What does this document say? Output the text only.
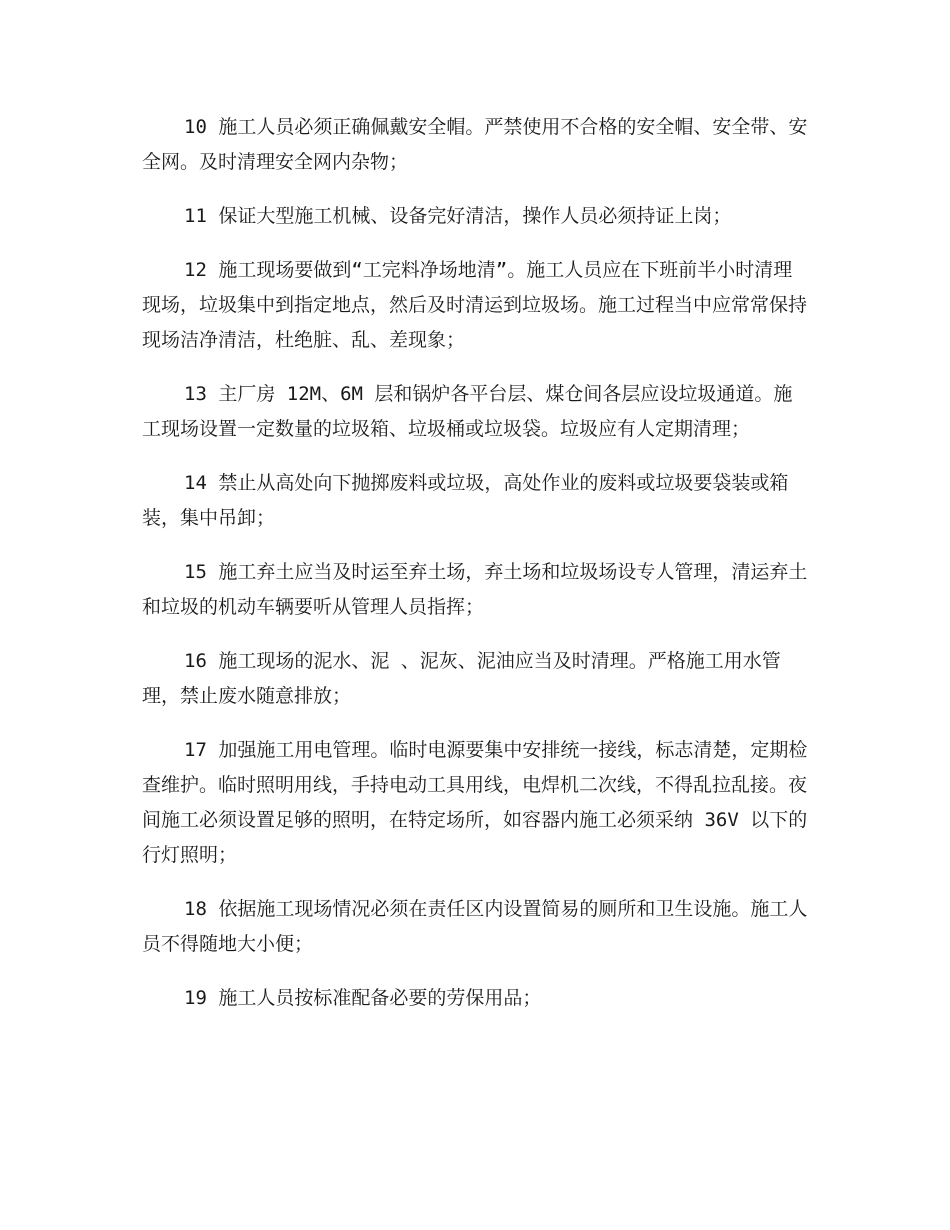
10 施工人员必须正确佩戴安全帽。严禁使用不合格的安全帽、安全带、安全网。及时清理安全网内杂物；

11 保证大型施工机械、设备完好清洁，操作人员必须持证上岗；

12 施工现场要做到“工完料净场地清”。施工人员应在下班前半小时清理现场，垃圾集中到指定地点，然后及时清运到垃圾场。施工过程当中应常常保持现场洁净清洁，杜绝脏、乱、差现象；

13 主厂房 12M、6M 层和锅炉各平台层、煤仓间各层应设垃圾通道。施工现场设置一定数量的垃圾箱、垃圾桶或垃圾袋。垃圾应有人定期清理；

14 禁止从高处向下抛掷废料或垃圾，高处作业的废料或垃圾要袋装或箱装，集中吊卸；

15 施工弃土应当及时运至弃土场，弃土场和垃圾场设专人管理，清运弃土和垃圾的机动车辆要听从管理人员指挥；

16 施工现场的泥水、泥 、泥灰、泥油应当及时清理。严格施工用水管理，禁止废水随意排放；

17 加强施工用电管理。临时电源要集中安排统一接线，标志清楚，定期检查维护。临时照明用线，手持电动工具用线，电焊机二次线，不得乱拉乱接。夜间施工必须设置足够的照明，在特定场所，如容器内施工必须采纳 36V 以下的行灯照明；

18 依据施工现场情况必须在责任区内设置简易的厕所和卫生设施。施工人员不得随地大小便；

19 施工人员按标准配备必要的劳保用品；
